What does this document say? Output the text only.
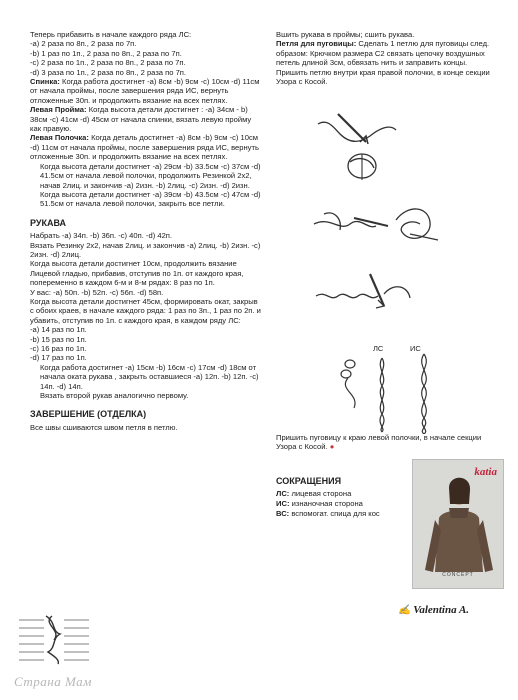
Теперь прибавить в начале каждого ряда ЛС:

-a) 2 раза по 8п., 2 раза по 7п.

-b) 1 раз по 1п., 2 раза по 8п., 2 раза по 7п.

-c) 2 раза по 1п., 2 раза по 8п., 2 раза по 7п.

-d) 3 раза по 1п., 2 раза по 8п., 2 раза по 7п.

Спинка: Когда работа достигнет -a) 8см -b) 9см -c) 10см -d) 11см от начала проймы, после завершения ряда ИС, вернуть отложенные 30п. и продолжить вязание на всех петлях.

Левая Пройма: Когда высота детали достигнет : -a) 34см - b) 38см -c) 41см -d) 45см от начала спинки, вязать левую пройму как правую.

Левая Полочка: Когда деталь достигнет -a) 8см -b) 9см -c) 10см -d) 11см от начала проймы, после завершения ряда ИС, вернуть отложенные 30п. и продолжить вязание на всех петлях.

Когда высота детали достигнет -a) 29см -b) 33.5см -c) 37см -d) 41.5см от начала левой полочки, продолжить Резинкой 2х2, начав 2лиц. и закончив -a) 2изн. -b) 2лиц. -c) 2изн. -d) 2изн.

Когда высота детали достигнет -a) 39см -b) 43.5см -c) 47см -d) 51.5см от начала левой полочки, закрыть все петли.

РУКАВА

Набрать -a) 34п. -b) 36п. -c) 40п. -d) 42п.

Вязать Резинку 2х2, начав 2лиц. и закончив -a) 2лиц. -b) 2изн. -c) 2изн. -d) 2лиц.

Когда высота детали достигнет 10см, продолжить вязание Лицевой гладью, прибавив, отступив по 1п. от каждого края, попеременно в каждом 6-м и 8-м рядах: 8 раз по 1п.

У вас: -a) 50п. -b) 52п. -c) 56п. -d) 58п.

Когда высота детали достигнет 45см, формировать окат, закрыв с обоих краев, в начале каждого ряда: 1 раз по 3п., 1 раз по 2п. и убавить, отступив по 1п. с каждого края, в каждом ряду ЛС:

-a) 14 раз по 1п.

-b) 15 раз по 1п.

-c) 16 раз по 1п.

-d) 17 раз по 1п.

Когда работа достигнет -a) 15см -b) 16см -c) 17см -d) 18см от начала оката рукава , закрыть оставшиеся -a) 12п. -b) 12п. -c) 14п. -d) 14п.

Вязать второй рукав аналогично первому.

ЗАВЕРШЕНИЕ (ОТДЕЛКА)

Все швы сшиваются швом петля в петлю.

Вшить рукава в проймы; сшить рукава.

Петля для пуговицы: Сделать 1 петлю для пуговицы след. образом: Крючком размера С2 связать цепочку воздушных петель длиной 3см, обвязать нить и заправить концы. Пришить петлю внутри края правой полочки, в конце секции Узора с Косой.

ЛС	ИС

Пришить пуговицу к краю левой полочки, в начале секции Узора с Косой. ●

СОКРАЩЕНИЯ

ЛС: лицевая сторона

ИС: изнаночная сторона

ВС: вспомогат. спица для кос

katia
CONCEPT
✍ Valentina A.
Страна Мам
